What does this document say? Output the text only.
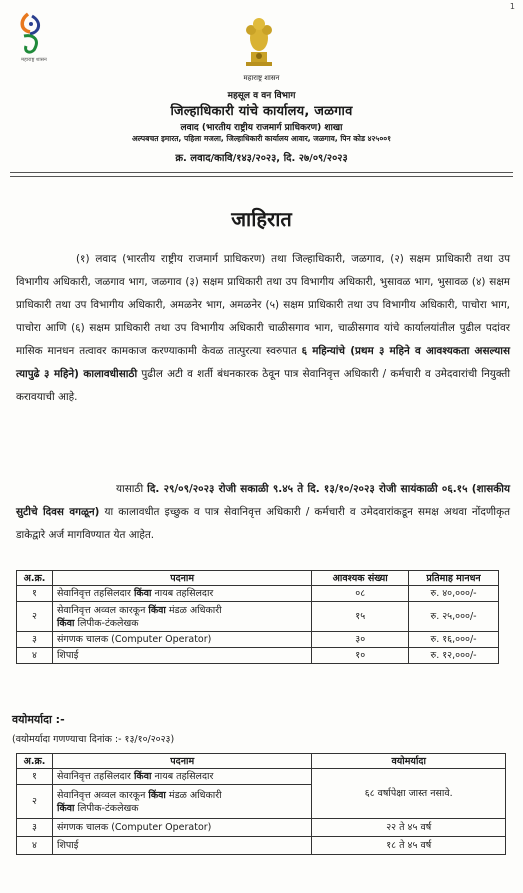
1
महाराष्ट्र शासन
महाराष्ट्र शासन
महसूल व वन विभाग
जिल्हाधिकारी यांचे कार्यालय, जळगाव
लवाद (भारतीय राष्ट्रीय राजमार्ग प्राधिकरण) शाखा
अल्पबचत इमारत, पहिला मजला, जिल्हाधिकारी कार्यालय आवार, जळगाव, पिन कोड ४२५००१
क्र. लवाद/कावि/१४३/२०२३, दि. २७/०९/२०२३
जाहिरात
(१) लवाद (भारतीय राष्ट्रीय राजमार्ग प्राधिकरण) तथा जिल्हाधिकारी, जळगाव, (२) सक्षम प्राधिकारी तथा उप विभागीय अधिकारी, जळगाव भाग, जळगाव (३) सक्षम प्राधिकारी तथा उप विभागीय अधिकारी, भुसावळ भाग, भुसावळ (४) सक्षम प्राधिकारी तथा उप विभागीय अधिकारी, अमळनेर भाग, अमळनेर (५) सक्षम प्राधिकारी तथा उप विभागीय अधिकारी, पाचोरा भाग, पाचोरा आणि (६) सक्षम प्राधिकारी तथा उप विभागीय अधिकारी चाळीसगाव भाग, चाळीसगाव यांचे कार्यालयांतील पुढील पदांवर मासिक मानधन तत्वावर कामकाज करण्याकामी केवळ तात्पुरत्या स्वरुपात ६ महिन्यांचे (प्रथम ३ महिने व आवश्यकता असल्यास त्यापुढे ३ महिने) कालावधीसाठी पुढील अटी व शर्ती बंधनकारक ठेवून पात्र सेवानिवृत्त अधिकारी / कर्मचारी व उमेदवारांची नियुक्ती करावयाची आहे.
यासाठी दि. २९/०९/२०२३ रोजी सकाळी ९.४५ ते दि. १३/१०/२०२३ रोजी सायंकाळी ०६.१५ (शासकीय सुटीचे दिवस वगळून) या कालावधीत इच्छुक व पात्र सेवानिवृत्त अधिकारी / कर्मचारी व उमेदवारांकडून समक्ष अथवा नोंदणीकृत डाकेद्वारे अर्ज मागविण्यात येत आहेत.
अ.क्र.	पदनाम	आवश्यक संख्या	प्रतिमाह मानधन
१	सेवानिवृत्त तहसिलदार किंवा नायब तहसिलदार	०८	रु. ४०,०००/-
२	सेवानिवृत्त अव्वल कारकून किंवा मंडळ अधिकारी
किंवा लिपीक-टंकलेखक	१५	रु. २५,०००/-
३	संगणक चालक (Computer Operator)	३०	रु. १६,०००/-
४	शिपाई	१०	रु. १२,०००/-
वयोमर्यादा :-
(वयोमर्यादा गणण्याचा दिनांक :- १३/१०/२०२३)
अ.क्र.	पदनाम	वयोमर्यादा
१	सेवानिवृत्त तहसिलदार किंवा नायब तहसिलदार	६८ वर्षापेक्षा जास्त नसावे.
२	सेवानिवृत्त अव्वल कारकून किंवा मंडळ अधिकारी
किंवा लिपीक-टंकलेखक	
३	संगणक चालक (Computer Operator)	२२ ते ४५ वर्ष
४	शिपाई	१८ ते ४५ वर्ष
